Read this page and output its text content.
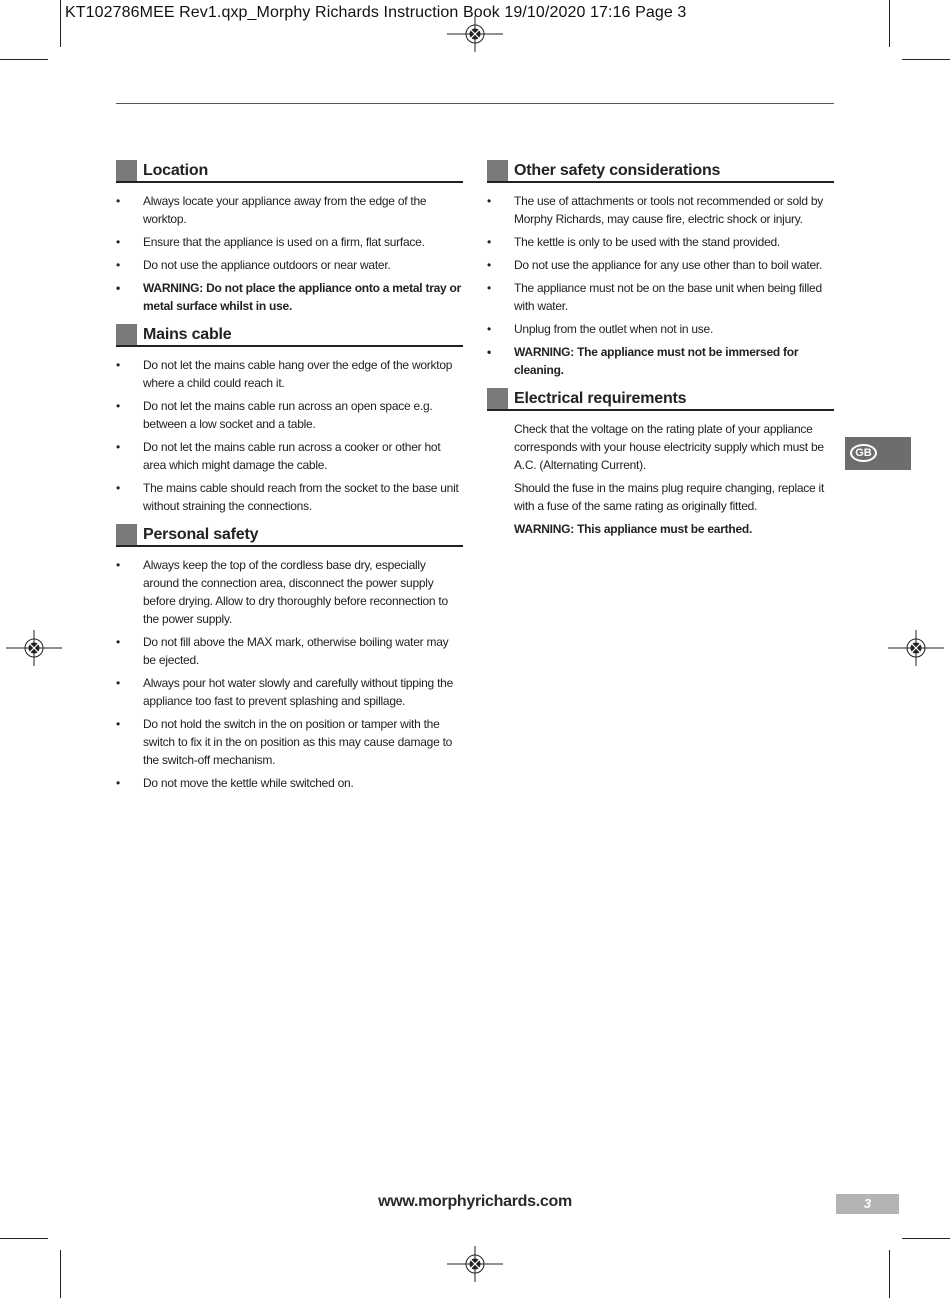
KT102786MEE Rev1.qxp_Morphy Richards Instruction Book 19/10/2020 17:16 Page 3
Location
• Always locate your appliance away from the edge of the worktop.
• Ensure that the appliance is used on a firm, flat surface.
• Do not use the appliance outdoors or near water.
• WARNING: Do not place the appliance onto a metal tray or metal surface whilst in use.
Mains cable
• Do not let the mains cable hang over the edge of the worktop where a child could reach it.
• Do not let the mains cable run across an open space e.g. between a low socket and a table.
• Do not let the mains cable run across a cooker or other hot area which might damage the cable.
• The mains cable should reach from the socket to the base unit without straining the connections.
Personal safety
• Always keep the top of the cordless base dry, especially around the connection area, disconnect the power supply before drying. Allow to dry thoroughly before reconnection to the power supply.
• Do not fill above the MAX mark, otherwise boiling water may be ejected.
• Always pour hot water slowly and carefully without tipping the appliance too fast to prevent splashing and spillage.
• Do not hold the switch in the on position or tamper with the switch to fix it in the on position as this may cause damage to the switch-off mechanism.
• Do not move the kettle while switched on.
Other safety considerations
• The use of attachments or tools not recommended or sold by Morphy Richards, may cause fire, electric shock or injury.
• The kettle is only to be used with the stand provided.
• Do not use the appliance for any use other than to boil water.
• The appliance must not be on the base unit when being filled with water.
• Unplug from the outlet when not in use.
• WARNING: The appliance must not be immersed for cleaning.
Electrical requirements

Check that the voltage on the rating plate of your appliance corresponds with your house electricity supply which must be A.C. (Alternating Current).

Should the fuse in the mains plug require changing, replace it with a fuse of the same rating as originally fitted.

WARNING: This appliance must be earthed.

GB
www.morphyrichards.com	3
